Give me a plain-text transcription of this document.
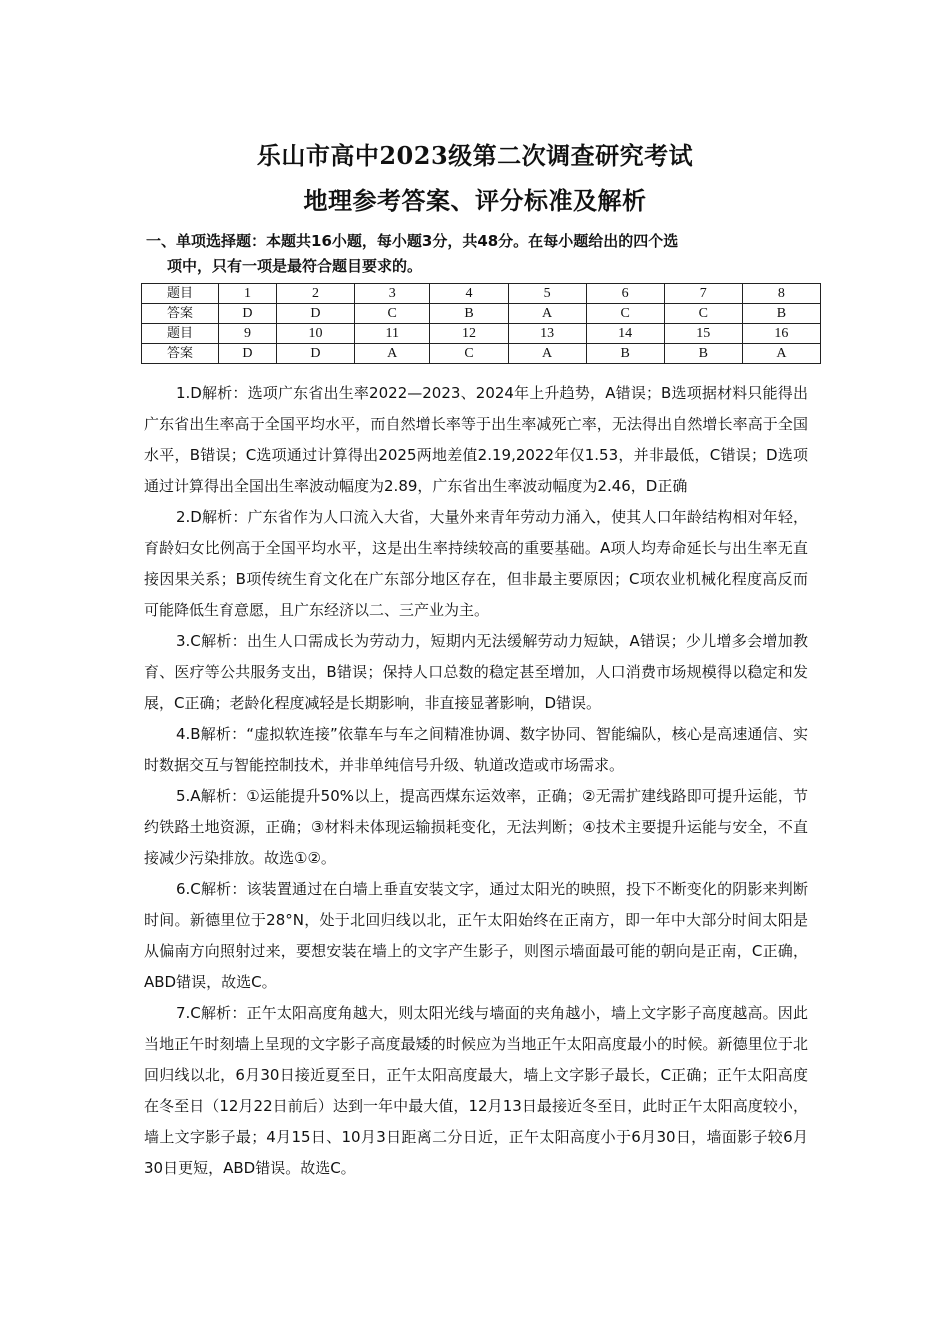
乐山市高中2023级第二次调查研究考试
地理参考答案、评分标准及解析
一、单项选择题：本题共16小题，每小题3分，共48分。在每小题给出的四个选
项中，只有一项是最符合题目要求的。
题目	1	2	3	4	5	6	7	8
答案	D	D	C	B	A	C	C	B
题目	9	10	11	12	13	14	15	16
答案	D	D	A	C	A	B	B	A

1.D解析：选项广东省出生率2022—2023、2024年上升趋势，A错误；B选项据材料只能得出广东省出生率高于全国平均水平，而自然增长率等于出生率减死亡率，无法得出自然增长率高于全国水平，B错误；C选项通过计算得出2025两地差值2.19,2022年仅1.53，并非最低，C错误；D选项通过计算得出全国出生率波动幅度为2.89，广东省出生率波动幅度为2.46，D正确

2.D解析：广东省作为人口流入大省，大量外来青年劳动力涌入，使其人口年龄结构相对年轻，育龄妇女比例高于全国平均水平，这是出生率持续较高的重要基础。A项人均寿命延长与出生率无直接因果关系；B项传统生育文化在广东部分地区存在，但非最主要原因；C项农业机械化程度高反而可能降低生育意愿，且广东经济以二、三产业为主。

3.C解析：出生人口需成长为劳动力，短期内无法缓解劳动力短缺，A错误；少儿增多会增加教育、医疗等公共服务支出，B错误；保持人口总数的稳定甚至增加，人口消费市场规模得以稳定和发展，C正确；老龄化程度减轻是长期影响，非直接显著影响，D错误。

4.B解析：“虚拟软连接”依靠车与车之间精准协调、数字协同、智能编队，核心是高速通信、实时数据交互与智能控制技术，并非单纯信号升级、轨道改造或市场需求。

5.A解析：①运能提升50%以上，提高西煤东运效率，正确；②无需扩建线路即可提升运能，节约铁路土地资源，正确；③材料未体现运输损耗变化，无法判断；④技术主要提升运能与安全，不直接减少污染排放。故选①②。

6.C解析：该装置通过在白墙上垂直安装文字，通过太阳光的映照，投下不断变化的阴影来判断时间。新德里位于28°N，处于北回归线以北，正午太阳始终在正南方，即一年中大部分时间太阳是从偏南方向照射过来，要想安装在墙上的文字产生影子，则图示墙面最可能的朝向是正南，C正确，ABD错误，故选C。

7.C解析：正午太阳高度角越大，则太阳光线与墙面的夹角越小，墙上文字影子高度越高。因此当地正午时刻墙上呈现的文字影子高度最矮的时候应为当地正午太阳高度最小的时候。新德里位于北回归线以北，6月30日接近夏至日，正午太阳高度最大，墙上文字影子最长，C正确；正午太阳高度在冬至日（12月22日前后）达到一年中最大值，12月13日最接近冬至日，此时正午太阳高度较小，墙上文字影子最；4月15日、10月3日距离二分日近，正午太阳高度小于6月30日，墙面影子较6月30日更短，ABD错误。故选C。
